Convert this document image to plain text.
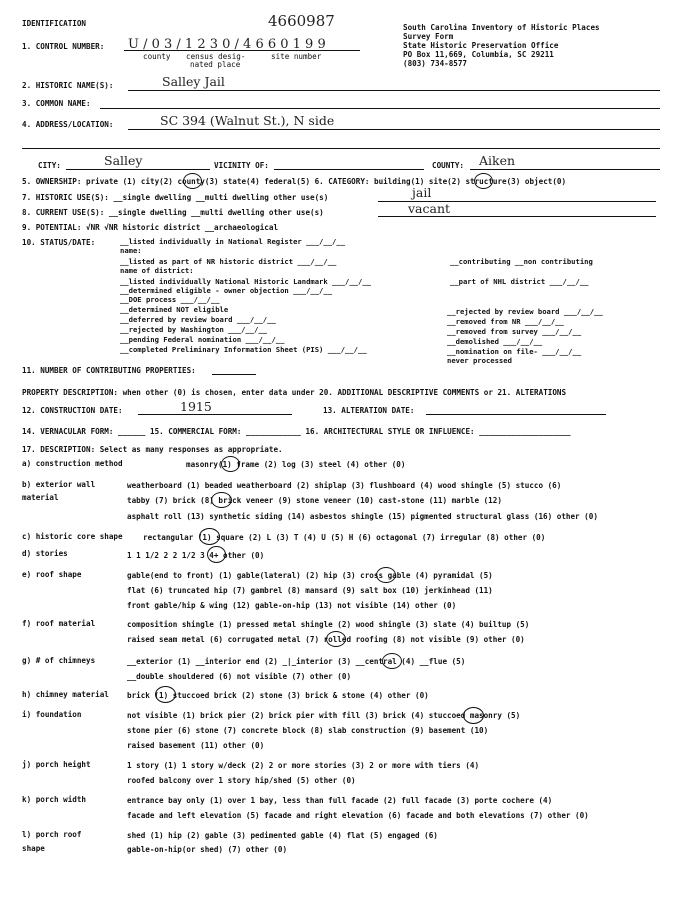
IDENTIFICATION	4660987	South Carolina Inventory of Historic Places
Survey Form
State Historic Preservation Office
PO Box 11,669, Columbia, SC 29211
(803) 734-8577
1. CONTROL NUMBER: U / 0 3 / 1 2 3 0 / 4 6 6 0 1 9 9
county census desig-
nated place
site number
2. HISTORIC NAME(S):	Salley Jail
3. COMMON NAME:
4. ADDRESS/LOCATION:	SC 394 (Walnut St.), N side
CITY:	Salley	VICINITY OF:	COUNTY: Aiken
5. OWNERSHIP: private (1) city(2) county(3) state(4) federal(5) 6. CATEGORY: building(1) site(2) structure(3) object(0)
7. HISTORIC USE(S): __single dwelling __multi dwelling other use(s)	jail
8. CURRENT USE(S): __single dwelling __multi dwelling other use(s)	vacant
9. POTENTIAL: √NR √NR historic district __archaeological
10. STATUS/DATE:	__listed individually in National Register ___/__/__
name:
__listed as part of NR historic district ___/__/__
name of district:
__listed individually National Historic Landmark ___/__/__
__determined eligible - owner objection ___/__/__
__DOE process ___/__/__
__determined NOT eligible
__deferred by review board ___/__/__
__rejected by Washington ___/__/__
__pending Federal nomination ___/__/__
__completed Preliminary Information Sheet (PIS) ___/__/__
__contributing __non contributing
__part of NHL district ___/__/__
__rejected by review board ___/__/__
__removed from NR ___/__/__
__removed from survey ___/__/__
__demolished ___/__/__
__nomination on file- ___/__/__
never processed
11. NUMBER OF CONTRIBUTING PROPERTIES:
PROPERTY DESCRIPTION: when other (0) is chosen, enter data under 20. ADDITIONAL DESCRIPTIVE COMMENTS or 21. ALTERATIONS
12. CONSTRUCTION DATE:	1915	13. ALTERATION DATE:
14. VERNACULAR FORM: ______ 15. COMMERCIAL FORM: ____________ 16. ARCHITECTURAL STYLE OR INFLUENCE: ____________________
17. DESCRIPTION: Select as many responses as appropriate.
a) construction method	masonry(1) frame (2) log (3) steel (4) other (0)
b) exterior wall
material
weatherboard (1) beaded weatherboard (2) shiplap (3) flushboard (4) wood shingle (5) stucco (6)
tabby (7) brick (8) brick veneer (9) stone veneer (10) cast-stone (11) marble (12)
asphalt roll (13) synthetic siding (14) asbestos shingle (15) pigmented structural glass (16) other (0)
c) historic core shape	rectangular (1) square (2) L (3) T (4) U (5) H (6) octagonal (7) irregular (8) other (0)
d) stories	1 1 1/2 2 2 1/2 3 4+ other (0)
e) roof shape	gable(end to front) (1) gable(lateral) (2) hip (3) cross gable (4) pyramidal (5)
flat (6) truncated hip (7) gambrel (8) mansard (9) salt box (10) jerkinhead (11)
front gable/hip & wing (12) gable-on-hip (13) not visible (14) other (0)
f) roof material	composition shingle (1) pressed metal shingle (2) wood shingle (3) slate (4) builtup (5)
raised seam metal (6) corrugated metal (7) rolled roofing (8) not visible (9) other (0)
g) # of chimneys	__exterior (1) __interior end (2) _|_interior (3) __central (4) __flue (5)
__double shouldered (6) not visible (7) other (0)
h) chimney material brick (1) stuccoed brick (2) stone (3) brick & stone (4) other (0)
i) foundation	not visible (1) brick pier (2) brick pier with fill (3) brick (4) stuccoed masonry (5)
stone pier (6) stone (7) concrete block (8) slab construction (9) basement (10)
raised basement (11) other (0)
j) porch height	1 story (1) 1 story w/deck (2) 2 or more stories (3) 2 or more with tiers (4)
roofed balcony over 1 story hip/shed (5) other (0)
k) porch width	entrance bay only (1) over 1 bay, less than full facade (2) full facade (3) porte cochere (4)
facade and left elevation (5) facade and right elevation (6) facade and both elevations (7) other (0)
l) porch roof
shape
shed (1) hip (2) gable (3) pedimented gable (4) flat (5) engaged (6)
gable-on-hip(or shed) (7) other (0)
